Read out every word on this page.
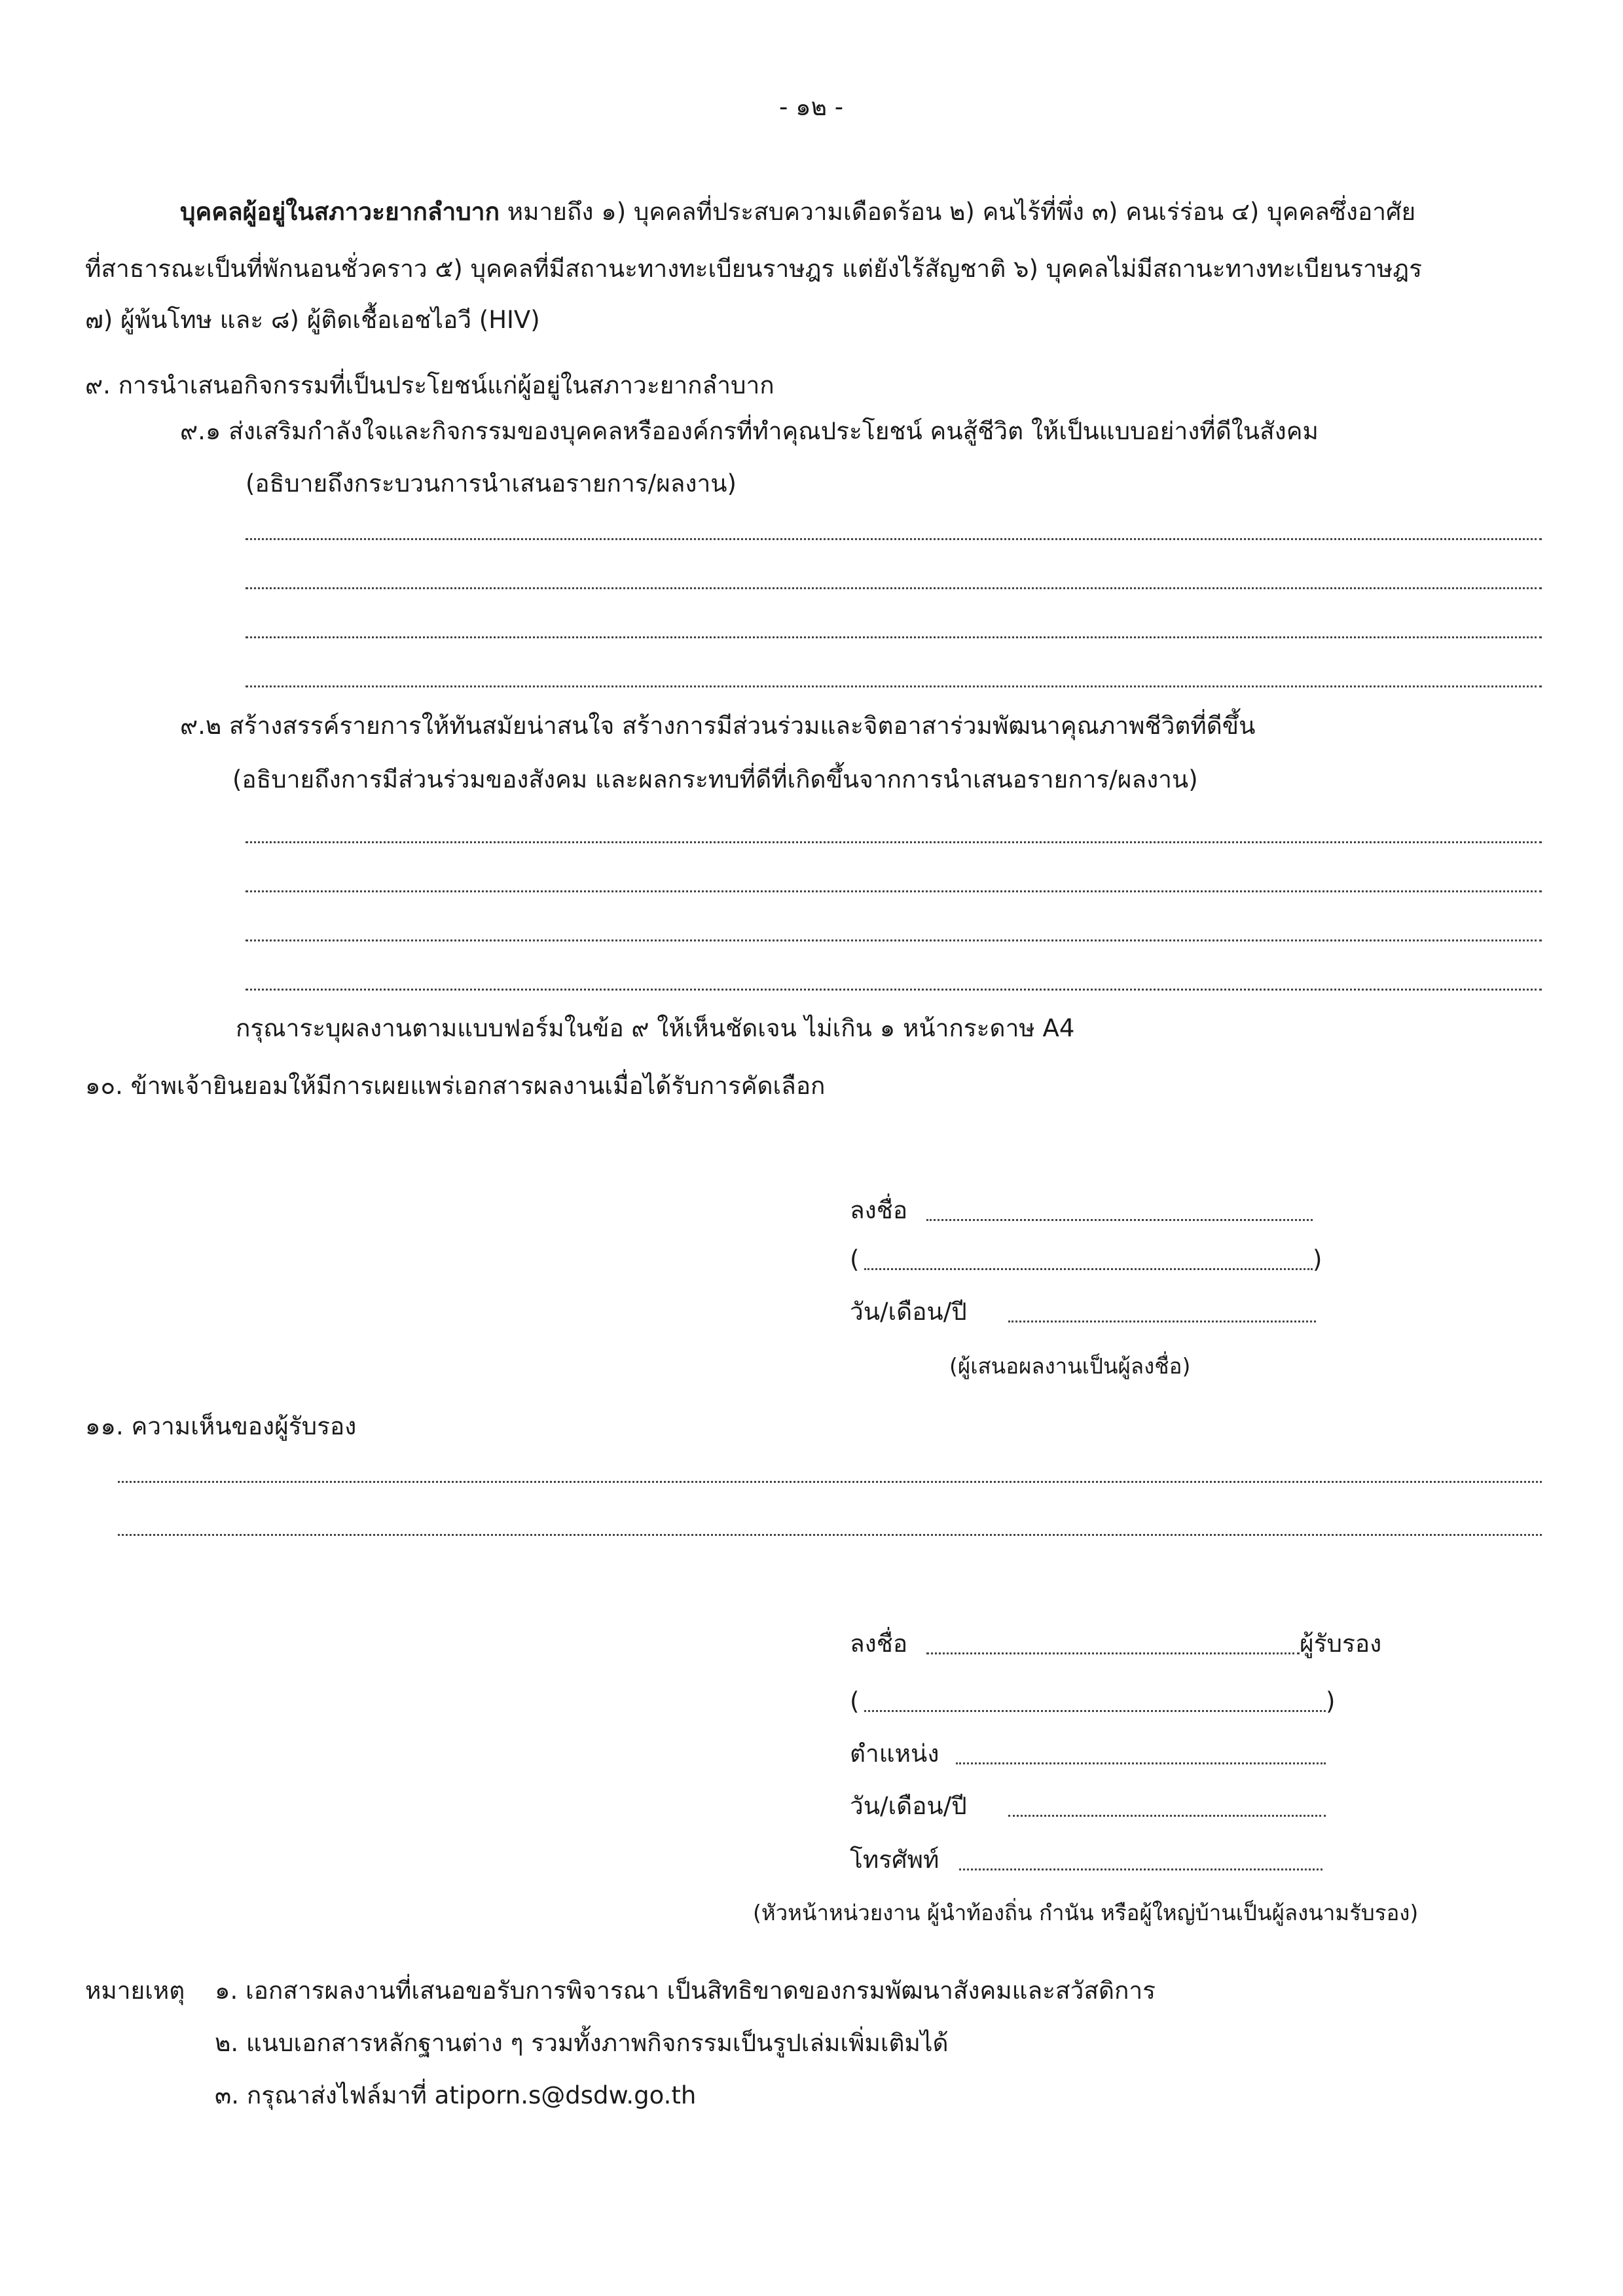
- ๑๒ -
บุคคลผู้อยู่ในสภาวะยากลำบาก หมายถึง ๑) บุคคลที่ประสบความเดือดร้อน ๒) คนไร้ที่พึ่ง ๓) คนเร่ร่อน ๔) บุคคลซึ่งอาศัย
ที่สาธารณะเป็นที่พักนอนชั่วคราว ๕) บุคคลที่มีสถานะทางทะเบียนราษฎร แต่ยังไร้สัญชาติ ๖) บุคคลไม่มีสถานะทางทะเบียนราษฎร
๗) ผู้พ้นโทษ และ ๘) ผู้ติดเชื้อเอชไอวี (HIV)
๙. การนำเสนอกิจกรรมที่เป็นประโยชน์แก่ผู้อยู่ในสภาวะยากลำบาก
๙.๑ ส่งเสริมกำลังใจและกิจกรรมของบุคคลหรือองค์กรที่ทำคุณประโยชน์ คนสู้ชีวิต ให้เป็นแบบอย่างที่ดีในสังคม
(อธิบายถึงกระบวนการนำเสนอรายการ/ผลงาน)
๙.๒ สร้างสรรค์รายการให้ทันสมัยน่าสนใจ สร้างการมีส่วนร่วมและจิตอาสาร่วมพัฒนาคุณภาพชีวิตที่ดีขึ้น
(อธิบายถึงการมีส่วนร่วมของสังคม และผลกระทบที่ดีที่เกิดขึ้นจากการนำเสนอรายการ/ผลงาน)
กรุณาระบุผลงานตามแบบฟอร์มในข้อ ๙ ให้เห็นชัดเจน ไม่เกิน ๑ หน้ากระดาษ A4
๑๐. ข้าพเจ้ายินยอมให้มีการเผยแพร่เอกสารผลงานเมื่อได้รับการคัดเลือก
ลงชื่อ
(	)
วัน/เดือน/ปี
(ผู้เสนอผลงานเป็นผู้ลงชื่อ)
๑๑. ความเห็นของผู้รับรอง
ลงชื่อ	ผู้รับรอง
(	)
ตำแหน่ง
วัน/เดือน/ปี
โทรศัพท์
(หัวหน้าหน่วยงาน ผู้นำท้องถิ่น กำนัน หรือผู้ใหญ่บ้านเป็นผู้ลงนามรับรอง)
หมายเหตุ ๑. เอกสารผลงานที่เสนอขอรับการพิจารณา เป็นสิทธิขาดของกรมพัฒนาสังคมและสวัสดิการ
๒. แนบเอกสารหลักฐานต่าง ๆ รวมทั้งภาพกิจกรรมเป็นรูปเล่มเพิ่มเติมได้
๓. กรุณาส่งไฟล์มาที่ atiporn.s@dsdw.go.th
